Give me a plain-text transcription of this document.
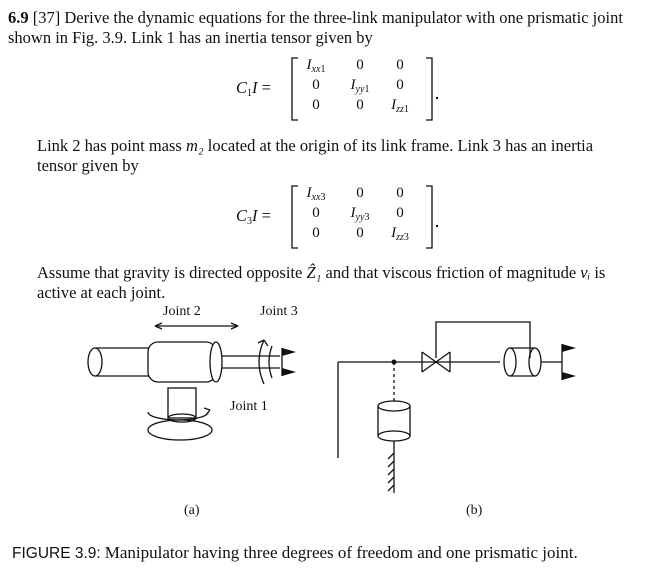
6.9 [37] Derive the dynamic equations for the three-link manipulator with one prismatic joint shown in Fig. 3.9. Link 1 has an inertia tensor given by
$C_1I$ =
$I_{xx1}$	0	0
0	$I_{yy1}$	0
0	0	$I_{zz1}$
Link 2 has point mass m₂ located at the origin of its link frame. Link 3 has an inertia tensor given by
$C_3I$ =
$I_{xx3}$	0	0
0	$I_{yy3}$	0
0	0	$I_{zz3}$
Assume that gravity is directed opposite Ẑ₁ and that viscous friction of magnitude vᵢ is active at each joint.
Joint 2	Joint 3
Joint 1
(a)	(b)
FIGURE 3.9: Manipulator having three degrees of freedom and one prismatic joint.
